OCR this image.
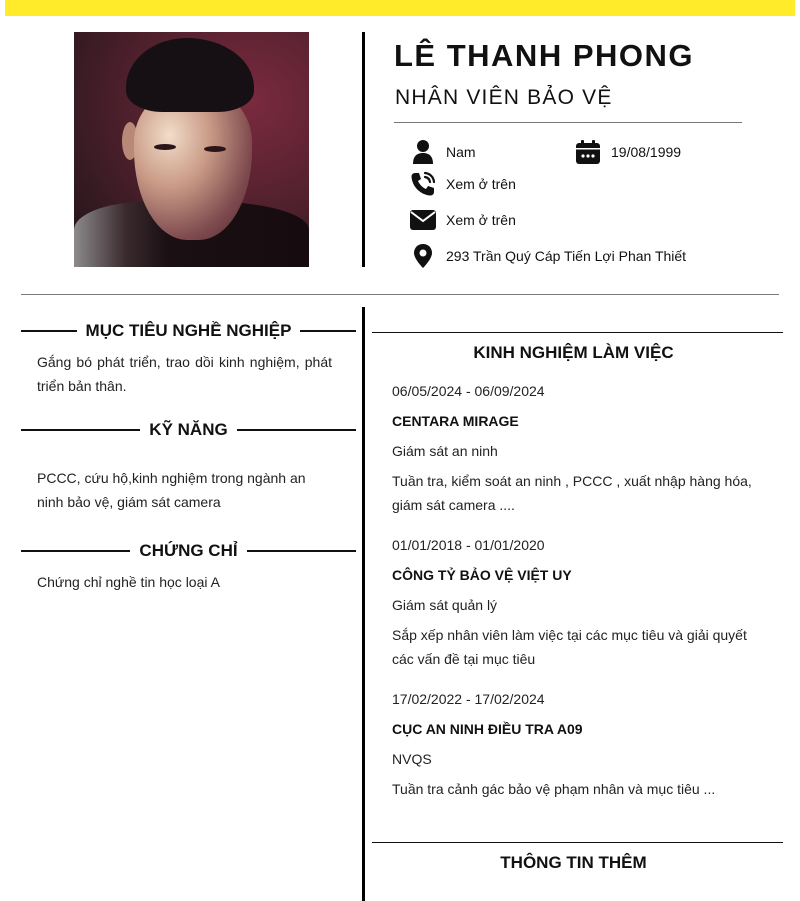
LÊ THANH PHONG
NHÂN VIÊN BẢO VỆ
Nam	19/08/1999
Xem ở trên
Xem ở trên
293 Trần Quý Cáp Tiến Lợi Phan Thiết
MỤC TIÊU NGHỀ NGHIỆP
Gắng bó phát triển, trao dồi kinh nghiệm, phát triển bản thân.
KỸ NĂNG
PCCC, cứu hộ,kinh nghiệm trong ngành an ninh bảo vệ, giám sát camera
CHỨNG CHỈ
Chứng chỉ nghề tin học loại A
KINH NGHIỆM LÀM VIỆC
06/05/2024 - 06/09/2024
CENTARA MIRAGE
Giám sát an ninh
Tuần tra, kiểm soát an ninh , PCCC , xuất nhập hàng hóa, giám sát camera ....
01/01/2018 - 01/01/2020
CÔNG TỶ BẢO VỆ VIỆT UY
Giám sát quản lý
Sắp xếp nhân viên làm việc tại các mục tiêu và giải quyết các vấn đề tại mục tiêu
17/02/2022 - 17/02/2024
CỤC AN NINH ĐIỀU TRA A09
NVQS
Tuần tra cảnh gác bảo vệ phạm nhân và mục tiêu ...
THÔNG TIN THÊM
